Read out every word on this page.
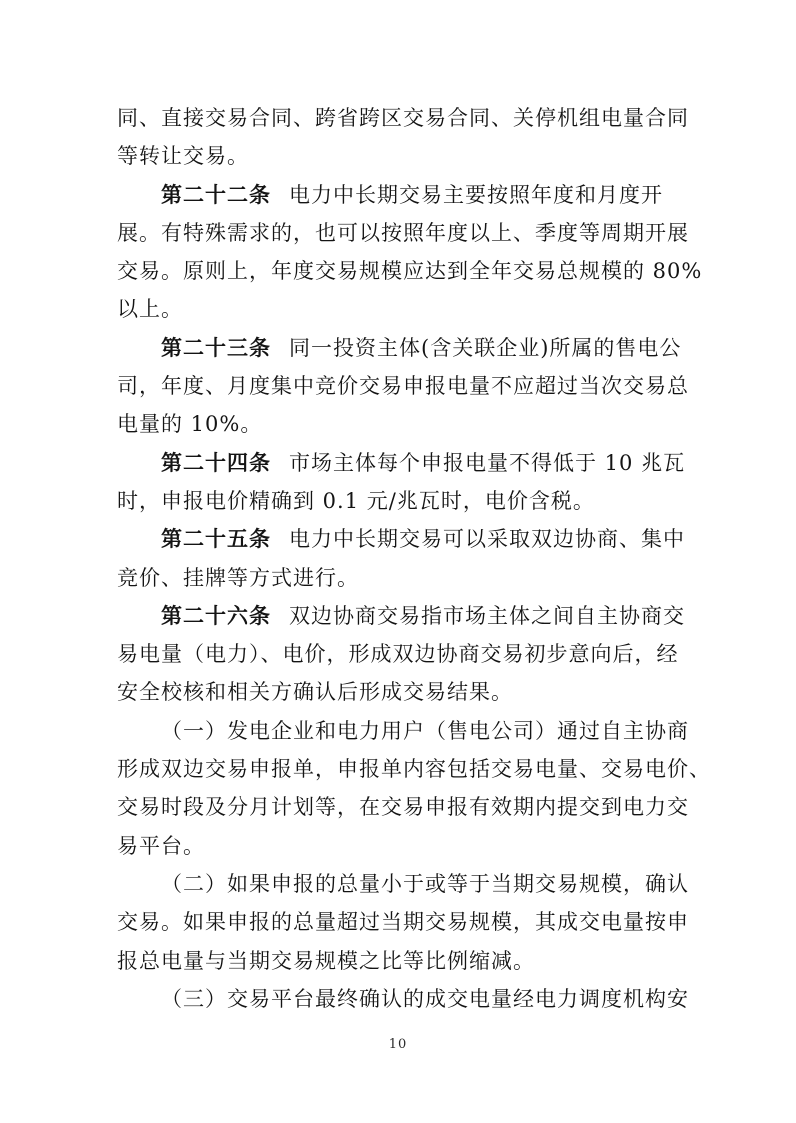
同、直接交易合同、跨省跨区交易合同、关停机组电量合同
等转让交易。
第二十二条 电力中长期交易主要按照年度和月度开
展。有特殊需求的，也可以按照年度以上、季度等周期开展
交易。原则上，年度交易规模应达到全年交易总规模的 80%
以上。
第二十三条 同一投资主体(含关联企业)所属的售电公
司，年度、月度集中竞价交易申报电量不应超过当次交易总
电量的 10%。
第二十四条 市场主体每个申报电量不得低于 10 兆瓦
时，申报电价精确到 0.1 元/兆瓦时，电价含税。
第二十五条 电力中长期交易可以采取双边协商、集中
竞价、挂牌等方式进行。
第二十六条 双边协商交易指市场主体之间自主协商交
易电量（电力）、电价，形成双边协商交易初步意向后，经
安全校核和相关方确认后形成交易结果。
（一）发电企业和电力用户（售电公司）通过自主协商
形成双边交易申报单，申报单内容包括交易电量、交易电价、
交易时段及分月计划等，在交易申报有效期内提交到电力交
易平台。
（二）如果申报的总量小于或等于当期交易规模，确认
交易。如果申报的总量超过当期交易规模，其成交电量按申
报总电量与当期交易规模之比等比例缩减。
（三）交易平台最终确认的成交电量经电力调度机构安
10
